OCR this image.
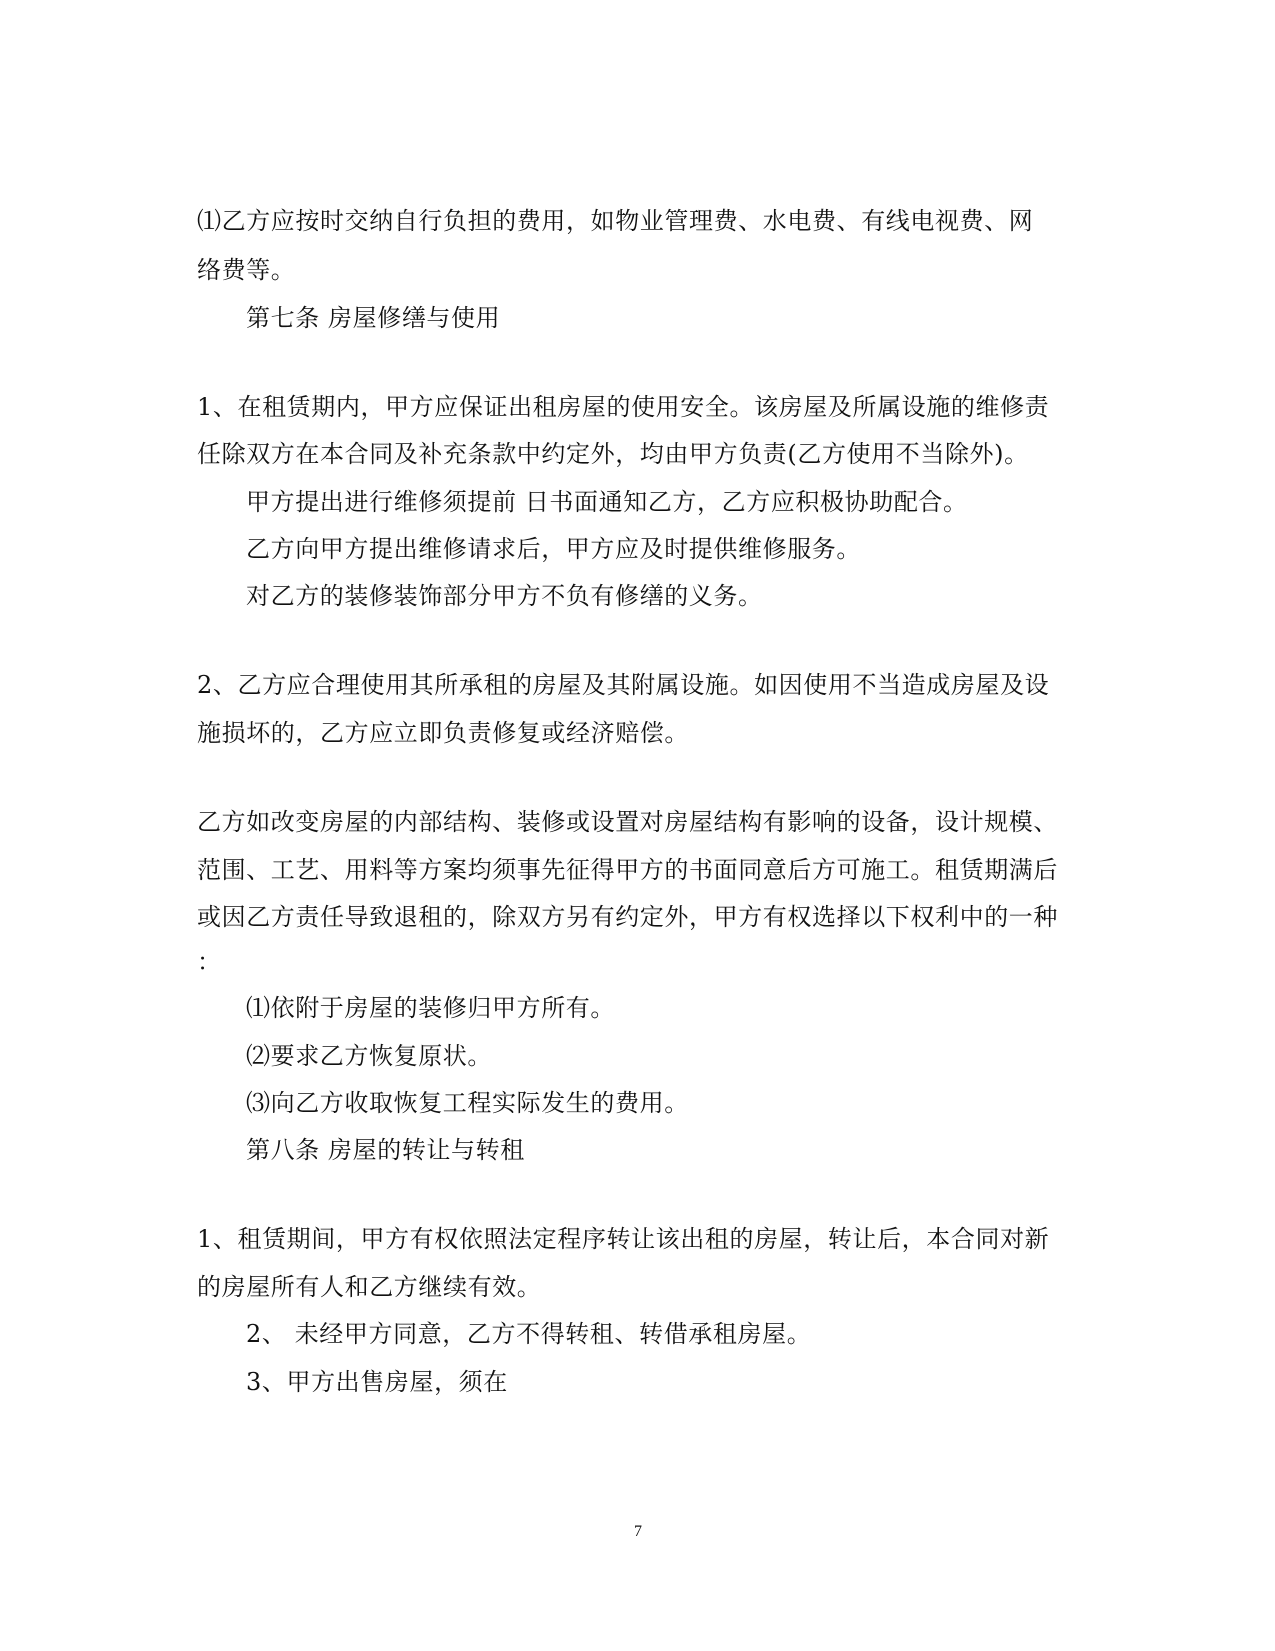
⑴乙方应按时交纳自行负担的费用，如物业管理费、水电费、有线电视费、网
络费等。
第七条 房屋修缮与使用
1、在租赁期内，甲方应保证出租房屋的使用安全。该房屋及所属设施的维修责
任除双方在本合同及补充条款中约定外，均由甲方负责(乙方使用不当除外)。
甲方提出进行维修须提前 日书面通知乙方，乙方应积极协助配合。
乙方向甲方提出维修请求后，甲方应及时提供维修服务。
对乙方的装修装饰部分甲方不负有修缮的义务。
2、乙方应合理使用其所承租的房屋及其附属设施。如因使用不当造成房屋及设
施损坏的，乙方应立即负责修复或经济赔偿。
乙方如改变房屋的内部结构、装修或设置对房屋结构有影响的设备，设计规模、
范围、工艺、用料等方案均须事先征得甲方的书面同意后方可施工。租赁期满后
或因乙方责任导致退租的，除双方另有约定外，甲方有权选择以下权利中的一种
：
⑴依附于房屋的装修归甲方所有。
⑵要求乙方恢复原状。
⑶向乙方收取恢复工程实际发生的费用。
第八条 房屋的转让与转租
1、租赁期间，甲方有权依照法定程序转让该出租的房屋，转让后，本合同对新
的房屋所有人和乙方继续有效。
2、 未经甲方同意，乙方不得转租、转借承租房屋。
3、甲方出售房屋，须在
7
